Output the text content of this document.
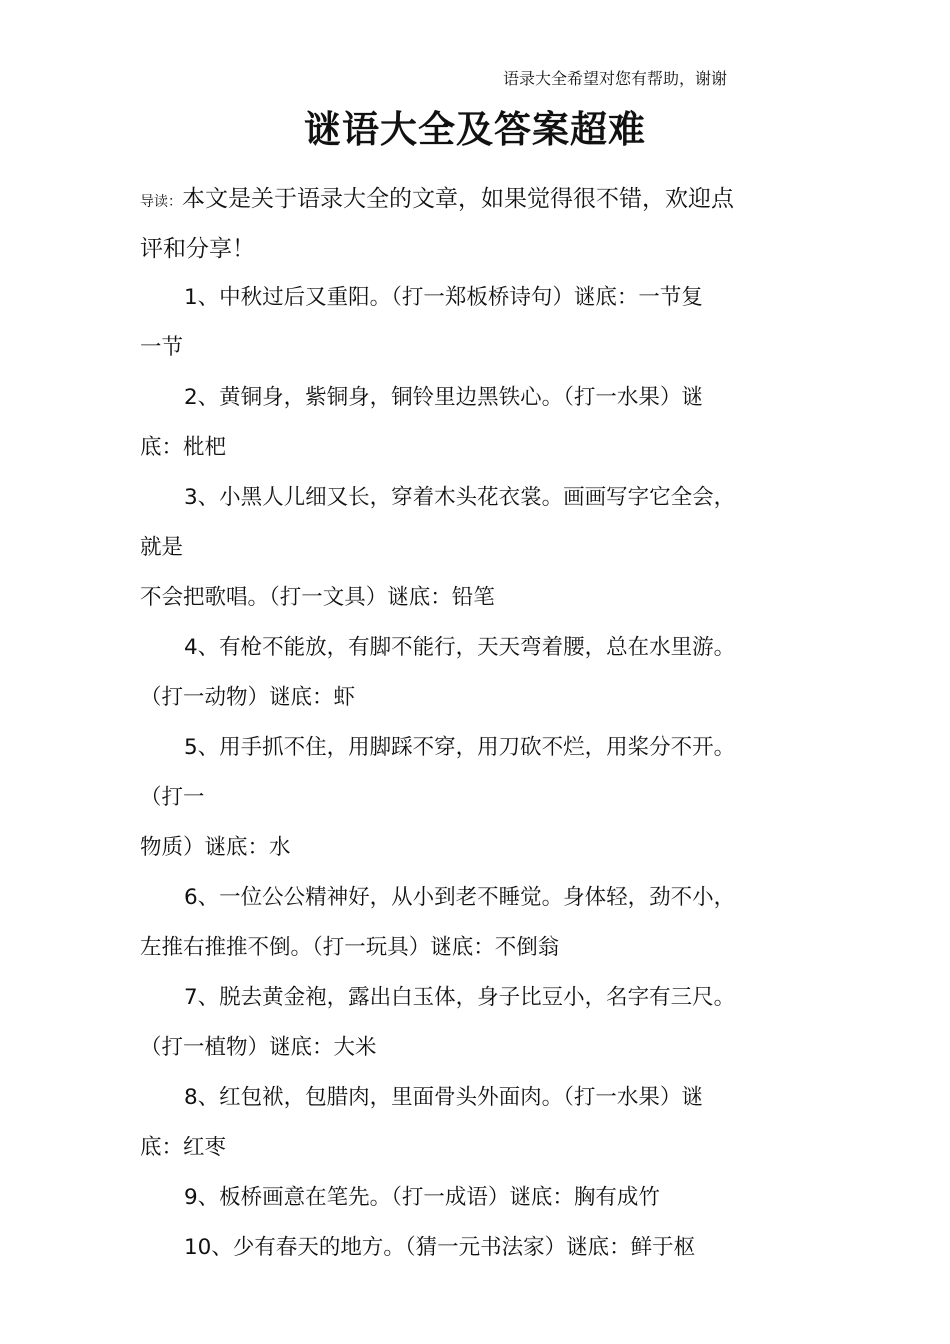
语录大全希望对您有帮助，谢谢
谜语大全及答案超难
导读：本文是关于语录大全的文章，如果觉得很不错，欢迎点
评和分享！
1、中秋过后又重阳。（打一郑板桥诗句）谜底：一节复
一节
2、黄铜身，紫铜身，铜铃里边黑铁心。（打一水果）谜
底：枇杷
3、小黑人儿细又长，穿着木头花衣裳。画画写字它全会，
就是
不会把歌唱。（打一文具）谜底：铅笔
4、有枪不能放，有脚不能行，天天弯着腰，总在水里游。
（打一动物）谜底：虾
5、用手抓不住，用脚踩不穿，用刀砍不烂，用桨分不开。
（打一
物质）谜底：水
6、一位公公精神好，从小到老不睡觉。身体轻，劲不小，
左推右推推不倒。（打一玩具）谜底：不倒翁
7、脱去黄金袍，露出白玉体，身子比豆小，名字有三尺。
（打一植物）谜底：大米
8、红包袱，包腊肉，里面骨头外面肉。（打一水果）谜
底：红枣
9、板桥画意在笔先。（打一成语）谜底：胸有成竹
10、少有春天的地方。（猜一元书法家）谜底：鲜于枢
